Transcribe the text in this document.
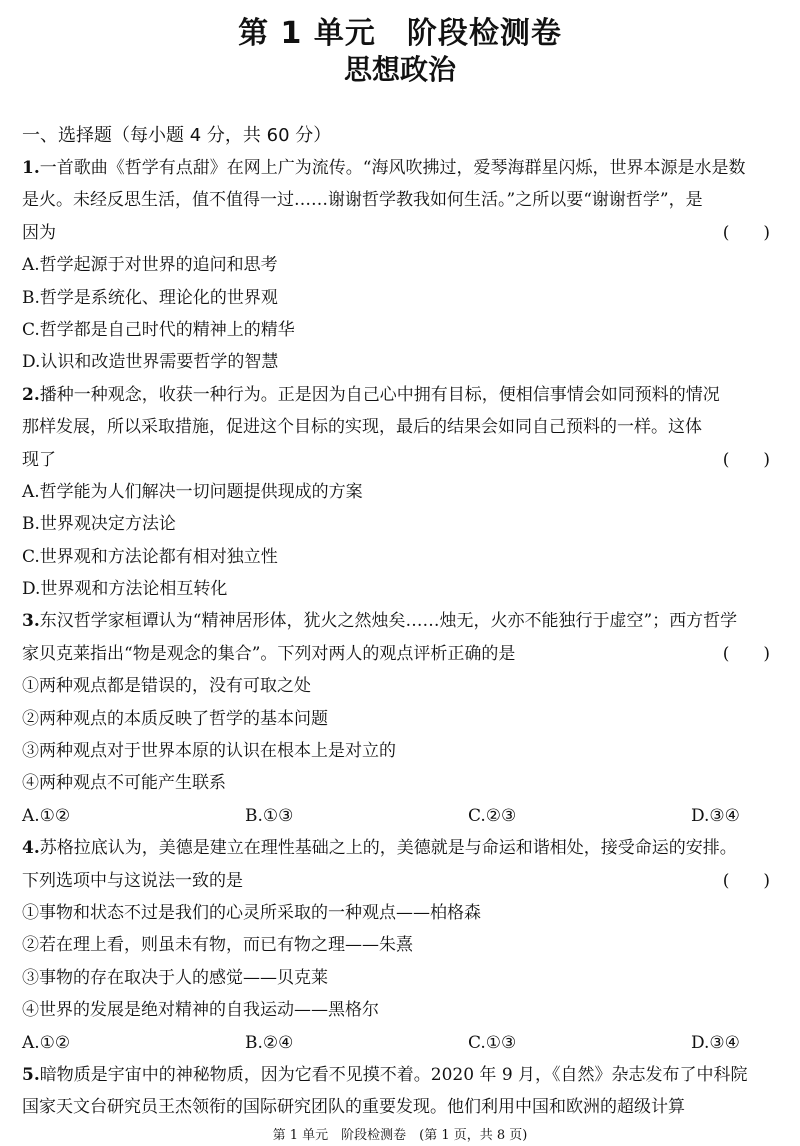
第 1 单元　阶段检测卷
思想政治
一、选择题（每小题 4 分，共 60 分）
1.一首歌曲《哲学有点甜》在网上广为流传。“海风吹拂过，爱琴海群星闪烁，世界本源是水是数
是火。未经反思生活，值不值得一过……谢谢哲学教我如何生活。”之所以要“谢谢哲学”，是
因为	(　　)
A.哲学起源于对世界的追问和思考
B.哲学是系统化、理论化的世界观
C.哲学都是自己时代的精神上的精华
D.认识和改造世界需要哲学的智慧
2.播种一种观念，收获一种行为。正是因为自己心中拥有目标，便相信事情会如同预料的情况
那样发展，所以采取措施，促进这个目标的实现，最后的结果会如同自己预料的一样。这体
现了	(　　)
A.哲学能为人们解决一切问题提供现成的方案
B.世界观决定方法论
C.世界观和方法论都有相对独立性
D.世界观和方法论相互转化
3.东汉哲学家桓谭认为“精神居形体，犹火之然烛矣……烛无，火亦不能独行于虚空”；西方哲学
家贝克莱指出“物是观念的集合”。下列对两人的观点评析正确的是	(　　)
①两种观点都是错误的，没有可取之处
②两种观点的本质反映了哲学的基本问题
③两种观点对于世界本原的认识在根本上是对立的
④两种观点不可能产生联系
A.①②	B.①③	C.②③	D.③④
4.苏格拉底认为，美德是建立在理性基础之上的，美德就是与命运和谐相处，接受命运的安排。
下列选项中与这说法一致的是	(　　)
①事物和状态不过是我们的心灵所采取的一种观点——柏格森
②若在理上看，则虽未有物，而已有物之理——朱熹
③事物的存在取决于人的感觉——贝克莱
④世界的发展是绝对精神的自我运动——黑格尔
A.①②	B.②④	C.①③	D.③④
5.暗物质是宇宙中的神秘物质，因为它看不见摸不着。2020 年 9 月，《自然》杂志发布了中科院
国家天文台研究员王杰领衔的国际研究团队的重要发现。他们利用中国和欧洲的超级计算
第 1 单元　阶段检测卷　(第 1 页，共 8 页)
